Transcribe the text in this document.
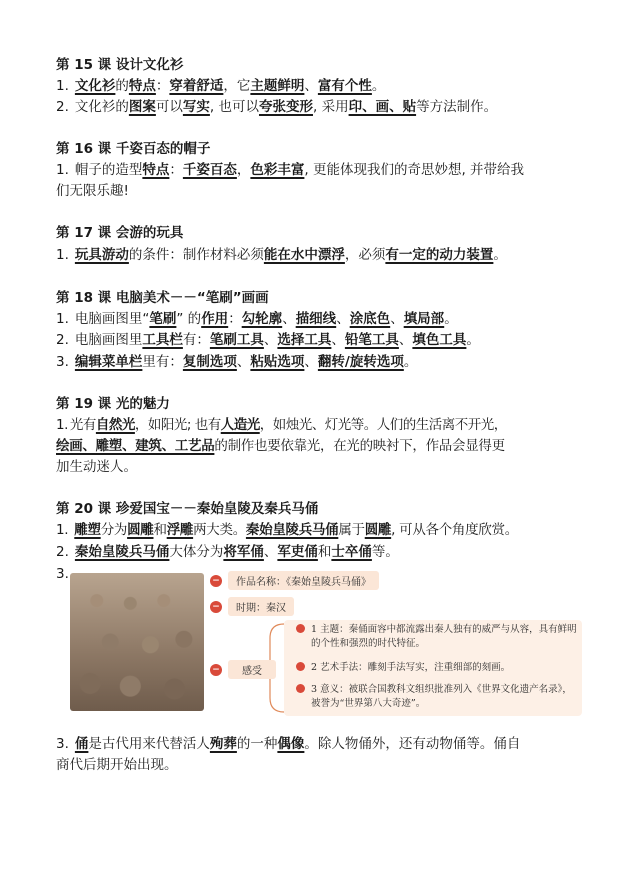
第 15 课 设计文化衫
1. 文化衫的特点：穿着舒适，它主题鲜明、富有个性。
2. 文化衫的图案可以写实, 也可以夸张变形, 采用印、画、贴等方法制作。
第 16 课 千姿百态的帽子
1. 帽子的造型特点：千姿百态，色彩丰富, 更能体现我们的奇思妙想, 并带给我
们无限乐趣!
第 17 课 会游的玩具
1. 玩具游动的条件：制作材料必须能在水中漂浮，必须有一定的动力装置。
第 18 课 电脑美术－－“笔刷”画画
1. 电脑画图里“笔刷” 的作用：勾轮廓、描细线、涂底色、填局部。
2. 电脑画图里工具栏有：笔刷工具、选择工具、铅笔工具、填色工具。
3. 编辑菜单栏里有：复制选项、粘贴选项、翻转/旋转选项。
第 19 课 光的魅力
1. 光有自然光，如阳光; 也有人造光，如烛光、灯光等。人们的生活离不开光，
绘画、雕塑、建筑、工艺品的制作也要依靠光，在光的映衬下，作品会显得更
加生动迷人。
第 20 课 珍爱国宝－－秦始皇陵及秦兵马俑
1. 雕塑分为圆雕和浮雕两大类。秦始皇陵兵马俑属于圆雕, 可从各个角度欣赏。
2. 秦始皇陵兵马俑大体分为将军俑、军吏俑和士卒俑等。
3.	−	作品名称：《秦始皇陵兵马俑》
−	时期：秦汉
−	感受
1 主题：秦俑面容中都流露出秦人独有的威严与从容，具有鲜明
的个性和强烈的时代特征。
2 艺术手法：雕刻手法写实，注重细部的刻画。
3 意义：被联合国教科文组织批准列入《世界文化遗产名录》，
被誉为“世界第八大奇迹”。
3. 俑是古代用来代替活人殉葬的一种偶像。除人物俑外，还有动物俑等。俑自
商代后期开始出现。
